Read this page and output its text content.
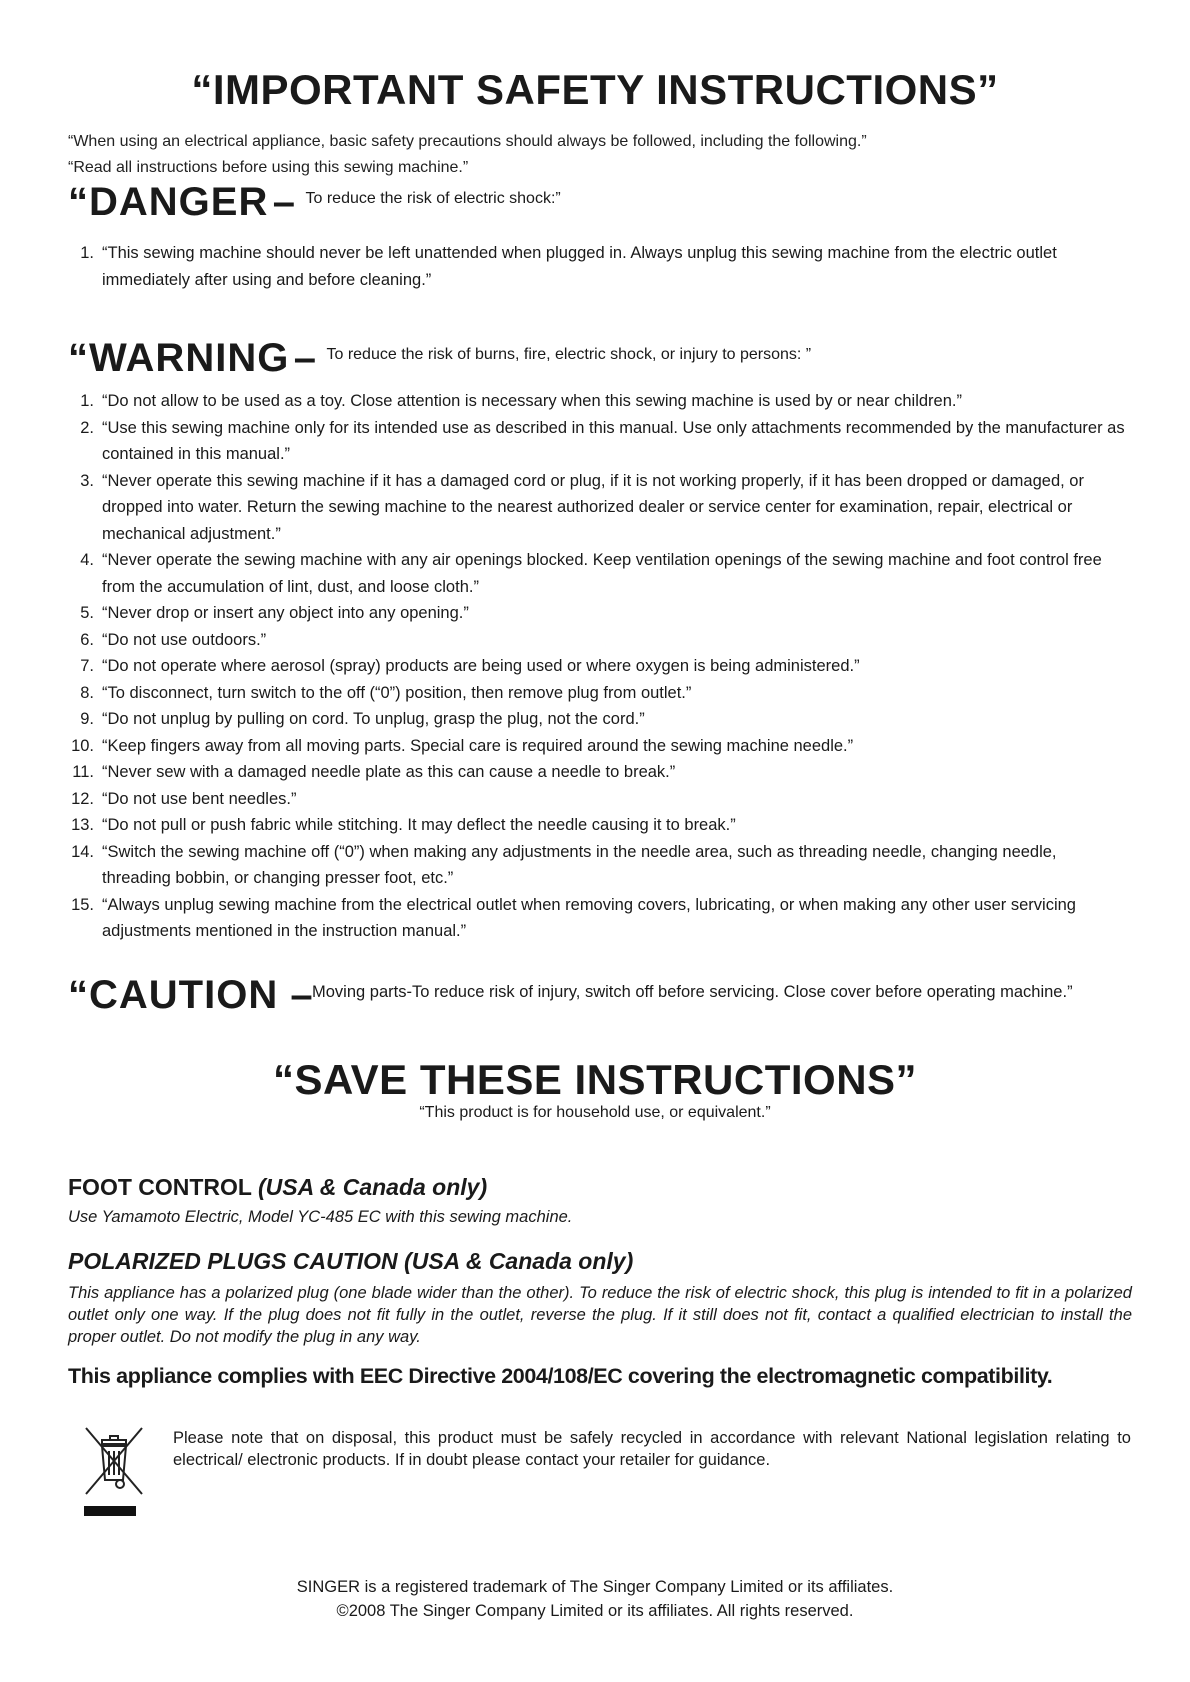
“IMPORTANT SAFETY INSTRUCTIONS”
“When using an electrical appliance, basic safety precautions should always be followed, including the following.”
“Read all instructions before using this sewing machine.”
“DANGER – To reduce the risk of electric shock:”
1. “This sewing machine should never be left unattended when plugged in. Always unplug this sewing machine from the electric outlet immediately after using and before cleaning.”
“WARNING – To reduce the risk of burns, fire, electric shock, or injury to persons: ”
1. “Do not allow to be used as a toy. Close attention is necessary when this sewing machine is used by or near children.”
2. “Use this sewing machine only for its intended use as described in this manual. Use only attachments recommended by the manufacturer as contained in this manual.”
3. “Never operate this sewing machine if it has a damaged cord or plug, if it is not working properly, if it has been dropped or damaged, or dropped into water. Return the sewing machine to the nearest authorized dealer or service center for examination, repair, electrical or mechanical adjustment.”
4. “Never operate the sewing machine with any air openings blocked. Keep ventilation openings of the sewing machine and foot control free from the accumulation of lint, dust, and loose cloth.”
5. “Never drop or insert any object into any opening.”
6. “Do not use outdoors.”
7. “Do not operate where aerosol (spray) products are being used or where oxygen is being administered.”
8. “To disconnect, turn switch to the off (“0”) position, then remove plug from outlet.”
9. “Do not unplug by pulling on cord. To unplug, grasp the plug, not the cord.”
10. “Keep fingers away from all moving parts. Special care is required around the sewing machine needle.”
11. “Never sew with a damaged needle plate as this can cause a needle to break.”
12. “Do not use bent needles.”
13. “Do not pull or push fabric while stitching. It may deflect the needle causing it to break.”
14. “Switch the sewing machine off (“0”) when making any adjustments in the needle area, such as threading needle, changing needle, threading bobbin, or changing presser foot, etc.”
15. “Always unplug sewing machine from the electrical outlet when removing covers, lubricating, or when making any other user servicing adjustments mentioned in the instruction manual.”
“CAUTION –
Moving parts-To reduce risk of injury, switch off before servicing. Close cover before operating machine.”
“SAVE THESE INSTRUCTIONS”
“This product is for household use, or equivalent.”
FOOT CONTROL (USA & Canada only)
Use Yamamoto Electric, Model YC-485 EC with this sewing machine.
POLARIZED PLUGS CAUTION (USA & Canada only)
This appliance has a polarized plug (one blade wider than the other). To reduce the risk of electric shock, this plug is intended to fit in a polarized outlet only one way. If the plug does not fit fully in the outlet, reverse the plug. If it still does not fit, contact a qualified electrician to install the proper outlet. Do not modify the plug in any way.
This appliance complies with EEC Directive 2004/108/EC covering the electromagnetic compatibility.
Please note that on disposal, this product must be safely recycled in accordance with relevant National legislation relating to electrical/ electronic products. If in doubt please contact your retailer for guidance.
SINGER is a registered trademark of The Singer Company Limited or its affiliates.
©2008 The Singer Company Limited or its affiliates. All rights reserved.
